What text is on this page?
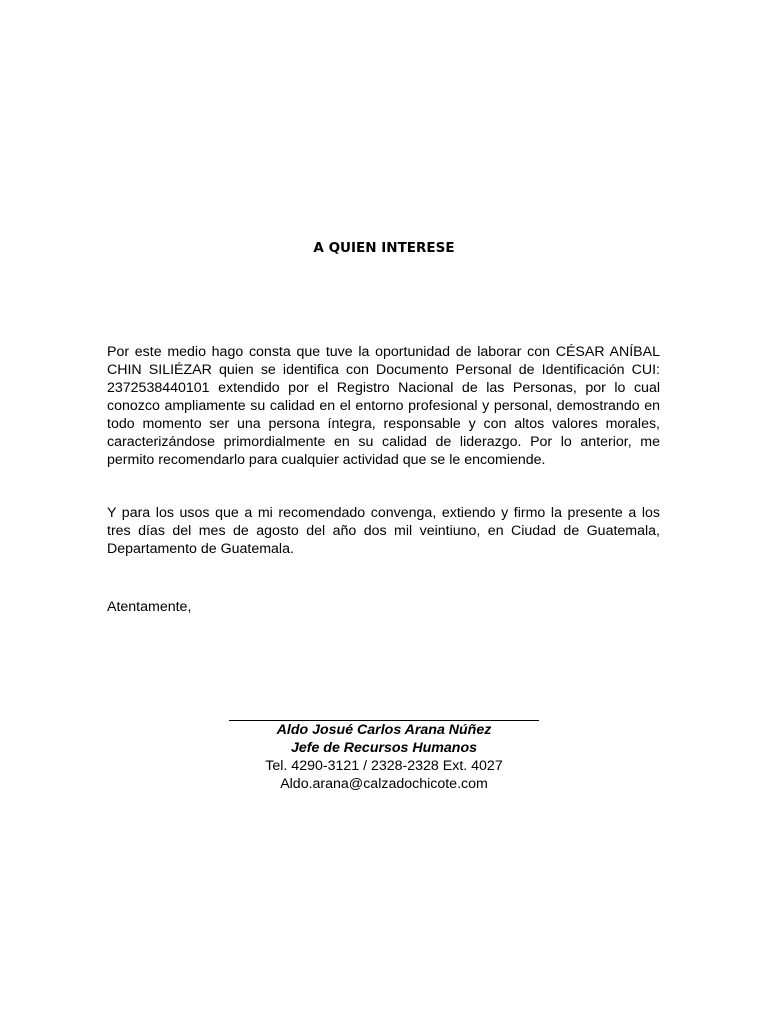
A QUIEN INTERESE

Por este medio hago consta que tuve la oportunidad de laborar con CÉSAR ANÍBAL CHIN SILIÉZAR quien se identifica con Documento Personal de Identificación CUI: 2372538440101 extendido por el Registro Nacional de las Personas, por lo cual conozco ampliamente su calidad en el entorno profesional y personal, demostrando en todo momento ser una persona íntegra, responsable y con altos valores morales, caracterizándose primordialmente en su calidad de liderazgo. Por lo anterior, me permito recomendarlo para cualquier actividad que se le encomiende.

Y para los usos que a mi recomendado convenga, extiendo y firmo la presente a los tres días del mes de agosto del año dos mil veintiuno, en Ciudad de Guatemala, Departamento de Guatemala.

Atentamente,
Aldo Josué Carlos Arana Núñez
Jefe de Recursos Humanos
Tel. 4290-3121 / 2328-2328 Ext. 4027
Aldo.arana@calzadochicote.com
